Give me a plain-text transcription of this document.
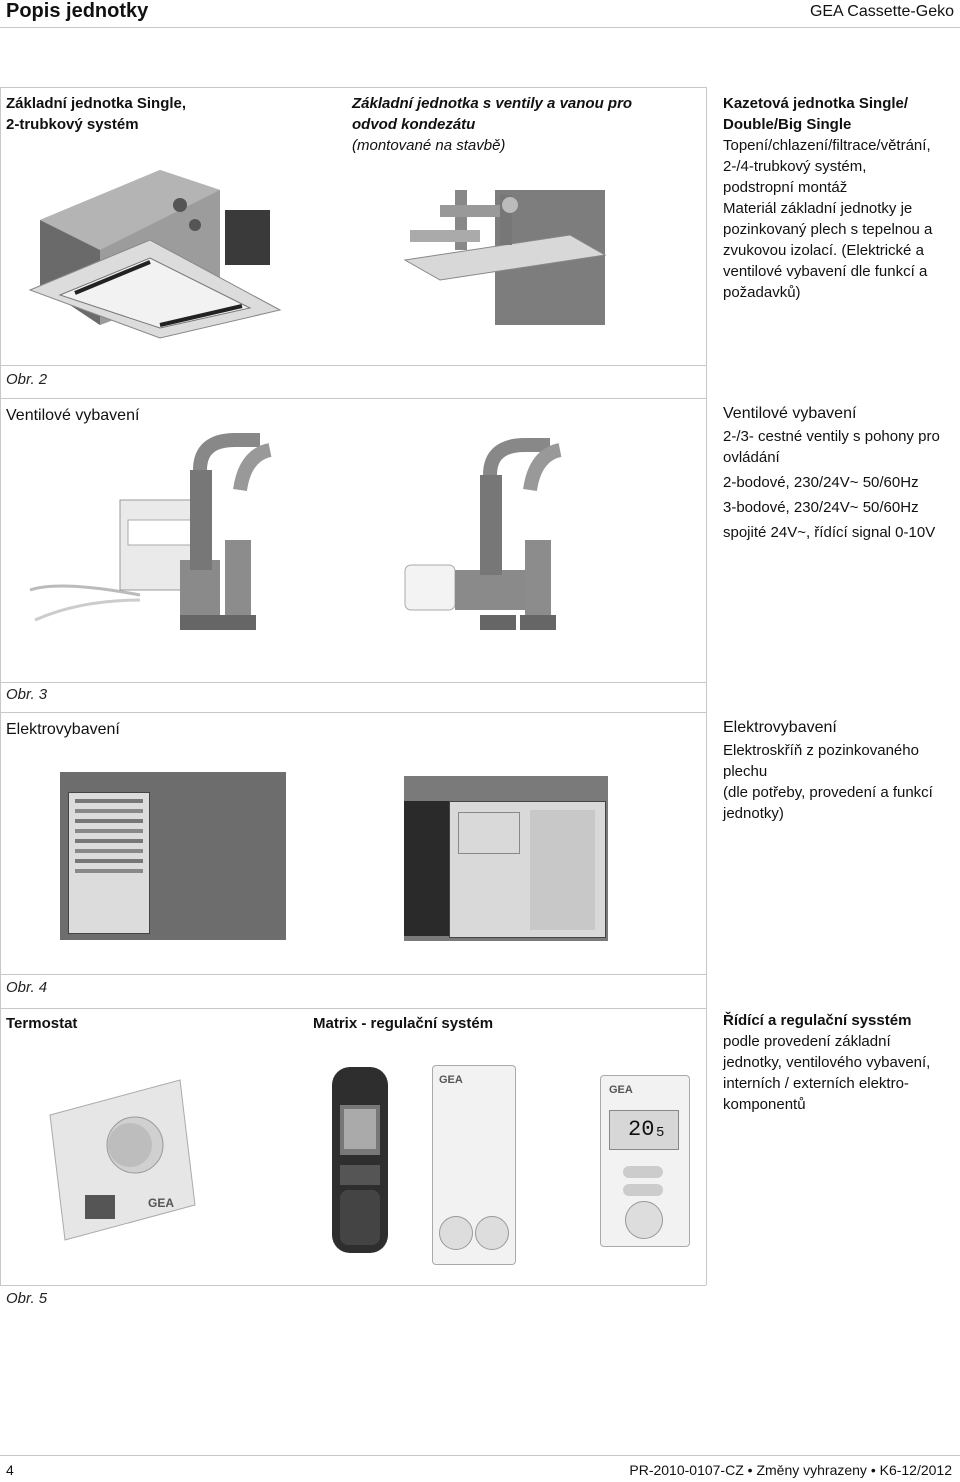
Popis jednotky	GEA Cassette-Geko
Základní jednotka Single,
2-trubkový systém
Základní jednotka s ventily a vanou pro
odvod kondezátu
(montované na stavbě)
Kazetová jednotka Single/
Double/Big Single
Topení/chlazení/filtrace/větrání,
2-/4-trubkový systém,
podstropní montáž
Materiál základní jednotky je
pozinkovaný plech s tepelnou a
zvukovou izolací. (Elektrické a
ventilové vybavení dle funkcí a
požadavků)
Obr. 2
Ventilové vybavení	Ventilové vybavení
2-/3- cestné ventily s pohony pro
ovládání
2-bodové, 230/24V~ 50/60Hz
3-bodové, 230/24V~ 50/60Hz
spojité 24V~, řídící signal 0-10V
Obr. 3
Elektrovybavení	Elektrovybavení
Elektroskříň z pozinkovaného
plechu
(dle potřeby, provedení a funkcí
jednotky)
Obr. 4
Termostat	Matrix - regulační systém	Řídící a regulační sysstém
podle provedení základní
jednotky, ventilového vybavení,
interních / externích elektro-
komponentů
GEA
GEA
GEA
20 5
Obr. 5
4	PR-2010-0107-CZ • Změny vyhrazeny • K6-12/2012
